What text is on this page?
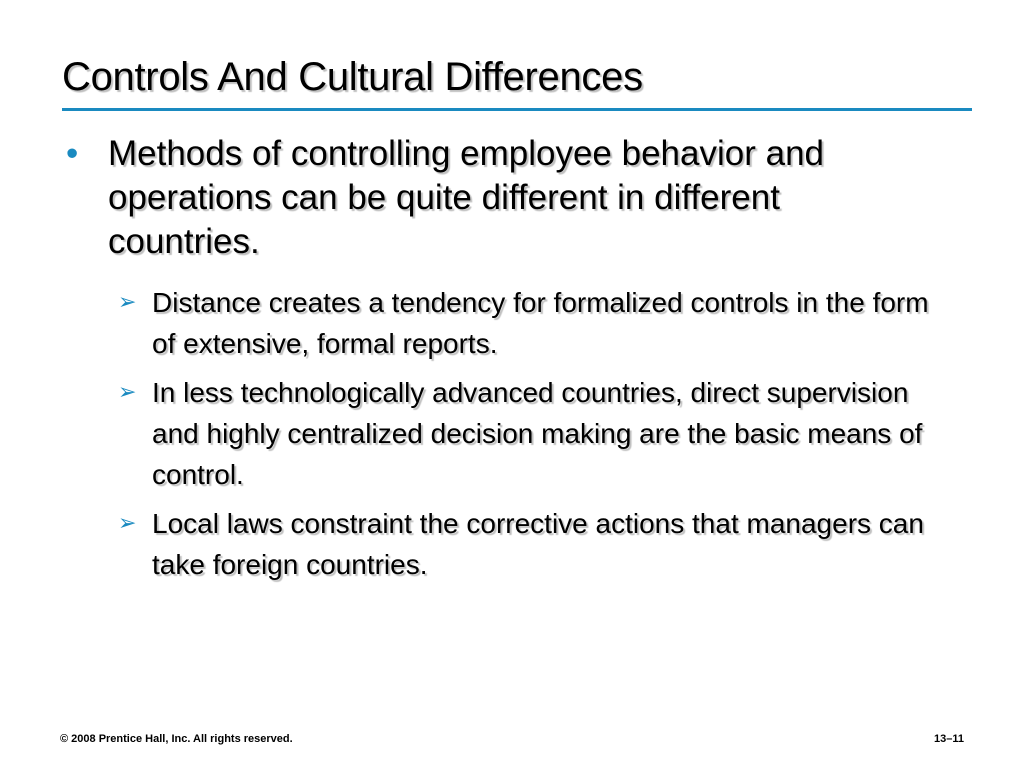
Controls And Cultural Differences
• Methods of controlling employee behavior and operations can be quite different in different countries.
➢ Distance creates a tendency for formalized controls in the form of extensive, formal reports.
➢ In less technologically advanced countries, direct supervision and highly centralized decision making are the basic means of control.
➢ Local laws constraint the corrective actions that managers can take foreign countries.
© 2008 Prentice Hall, Inc. All rights reserved.	13–11
